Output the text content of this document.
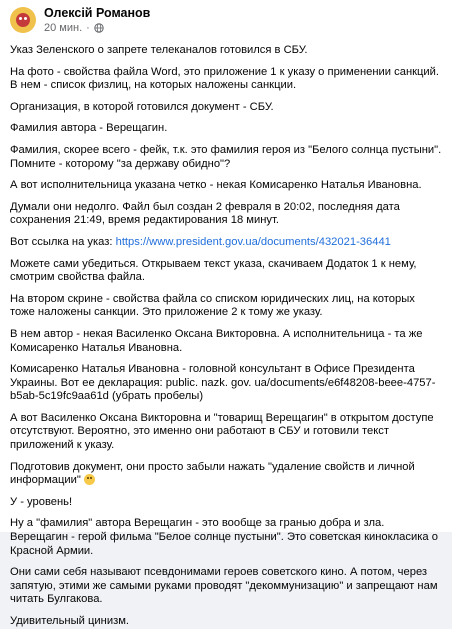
Олексій Романов
20 мин. ·

Указ Зеленского о запрете телеканалов готовился в СБУ.

На фото - свойства файла Word, это приложение 1 к указу о применении санкций. В нем - список физлиц, на которых наложены санкции.

Организация, в которой готовился документ - СБУ.

Фамилия автора - Верещагин.

Фамилия, скорее всего - фейк, т.к. это фамилия героя из "Белого солнца пустыни". Помните - которому "за державу обидно"?

А вот исполнительница указана четко - некая Комисаренко Наталья Ивановна.

Думали они недолго. Файл был создан 2 февраля в 20:02, последняя дата сохранения 21:49, время редактирования 18 минут.

Вот ссылка на указ: https://www.president.gov.ua/documents/432021-36441

Можете сами убедиться. Открываем текст указа, скачиваем Додаток 1 к нему, смотрим свойства файла.

На втором скрине - свойства файла со списком юридических лиц, на которых тоже наложены санкции. Это приложение 2 к тому же указу.

В нем автор - некая Василенко Оксана Викторовна. А исполнительница - та же Комисаренко Наталья Ивановна.

Комисаренко Наталья Ивановна - головной консультант в Офисе Президента Украины. Вот ее декларация: public. nazk. gov. ua/documents/e6f48208-beee-4757-b5ab-5c19fc9aa61d (убрать пробелы)

А вот Василенко Оксана Викторовна и "товарищ Верещагин" в открытом доступе отсутствуют. Вероятно, это именно они работают в СБУ и готовили текст приложений к указу.

Подготовив документ, они просто забыли нажать "удаление свойств и личной информации"

У - уровень!

Ну а "фамилия" автора Верещагин - это вообще за гранью добра и зла. Верещагин - герой фильма "Белое солнце пустыни". Это советская кинокласика о Красной Армии.

Они сами себя называют псевдонимами героев советского кино. А потом, через запятую, этими же самыми руками проводят "декоммунизацию" и запрещают нам читать Булгакова.

Удивительный цинизм.
